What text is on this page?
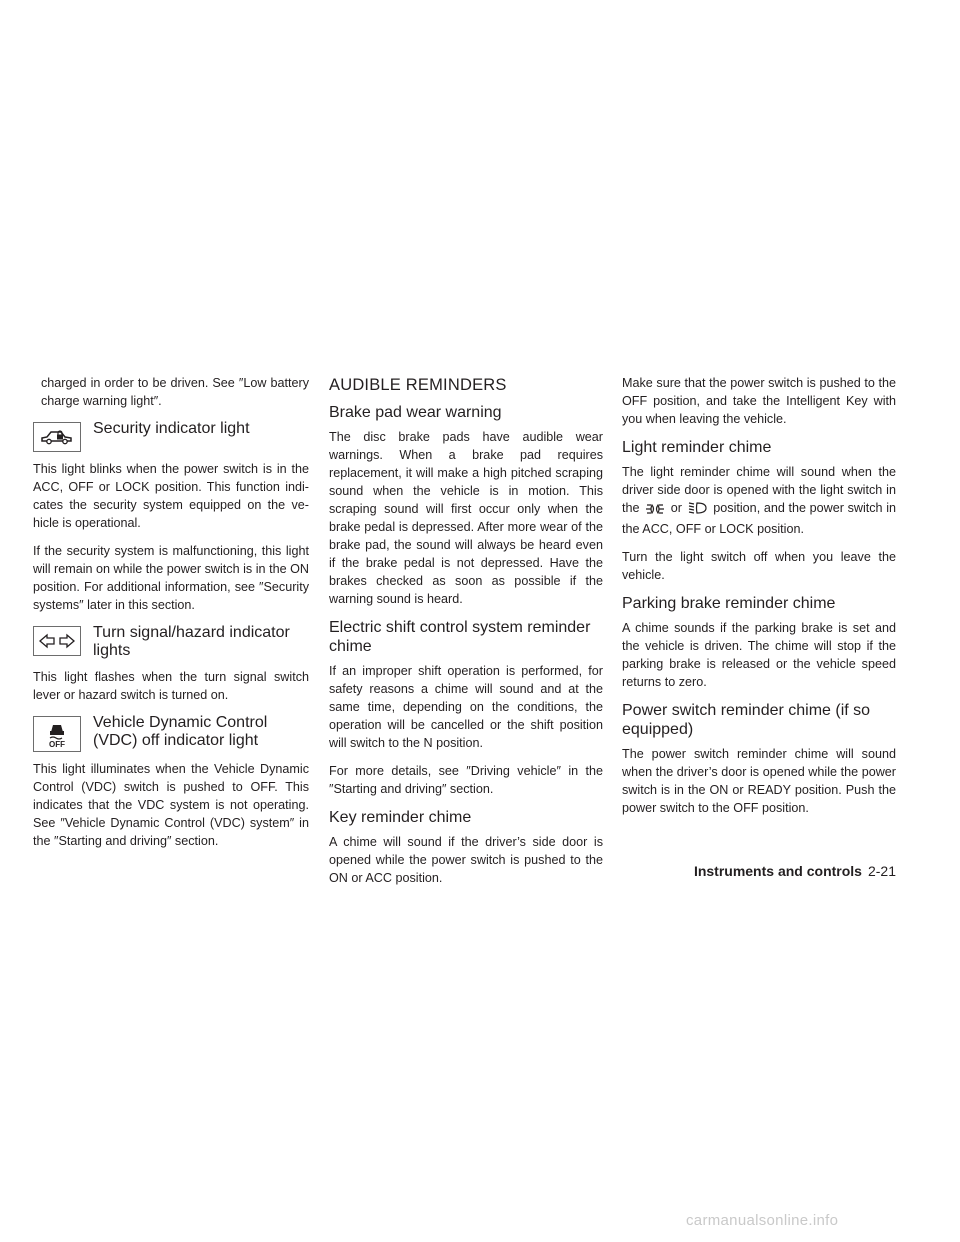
charged in order to be driven. See ″Low battery charge warning light″.

Security indicator light

This light blinks when the power switch is in the ACC, OFF or LOCK position. This function indi-cates the security system equipped on the ve-hicle is operational.

If the security system is malfunctioning, this light will remain on while the power switch is in the ON position. For additional information, see ″Security systems″ later in this section.

Turn signal/hazard indicator lights

This light flashes when the turn signal switch lever or hazard switch is turned on.

OFF
Vehicle Dynamic Control (VDC) off indicator light

This light illuminates when the Vehicle Dynamic Control (VDC) switch is pushed to OFF. This indicates that the VDC system is not operating. See ″Vehicle Dynamic Control (VDC) system″ in the ″Starting and driving″ section.

AUDIBLE REMINDERS
Brake pad wear warning

The disc brake pads have audible wear warnings. When a brake pad requires replacement, it will make a high pitched scraping sound when the vehicle is in motion. This scraping sound will first occur only when the brake pedal is depressed. After more wear of the brake pad, the sound will always be heard even if the brake pedal is not depressed. Have the brakes checked as soon as possible if the warning sound is heard.

Electric shift control system reminder chime

If an improper shift operation is performed, for safety reasons a chime will sound and at the same time, depending on the conditions, the operation will be cancelled or the shift position will switch to the N position.

For more details, see ″Driving vehicle″ in the ″Starting and driving″ section.

Key reminder chime

A chime will sound if the driver’s side door is opened while the power switch is pushed to the ON or ACC position.

Make sure that the power switch is pushed to the OFF position, and take the Intelligent Key with you when leaving the vehicle.

Light reminder chime

The light reminder chime will sound when the driver side door is opened with the light switch in the or position, and the power switch in the ACC, OFF or LOCK position.

Turn the light switch off when you leave the vehicle.

Parking brake reminder chime

A chime sounds if the parking brake is set and the vehicle is driven. The chime will stop if the parking brake is released or the vehicle speed returns to zero.

Power switch reminder chime (if so equipped)

The power switch reminder chime will sound when the driver’s door is opened while the power switch is in the ON or READY position. Push the power switch to the OFF position.

Instruments and controls 2-21
carmanualsonline.info
